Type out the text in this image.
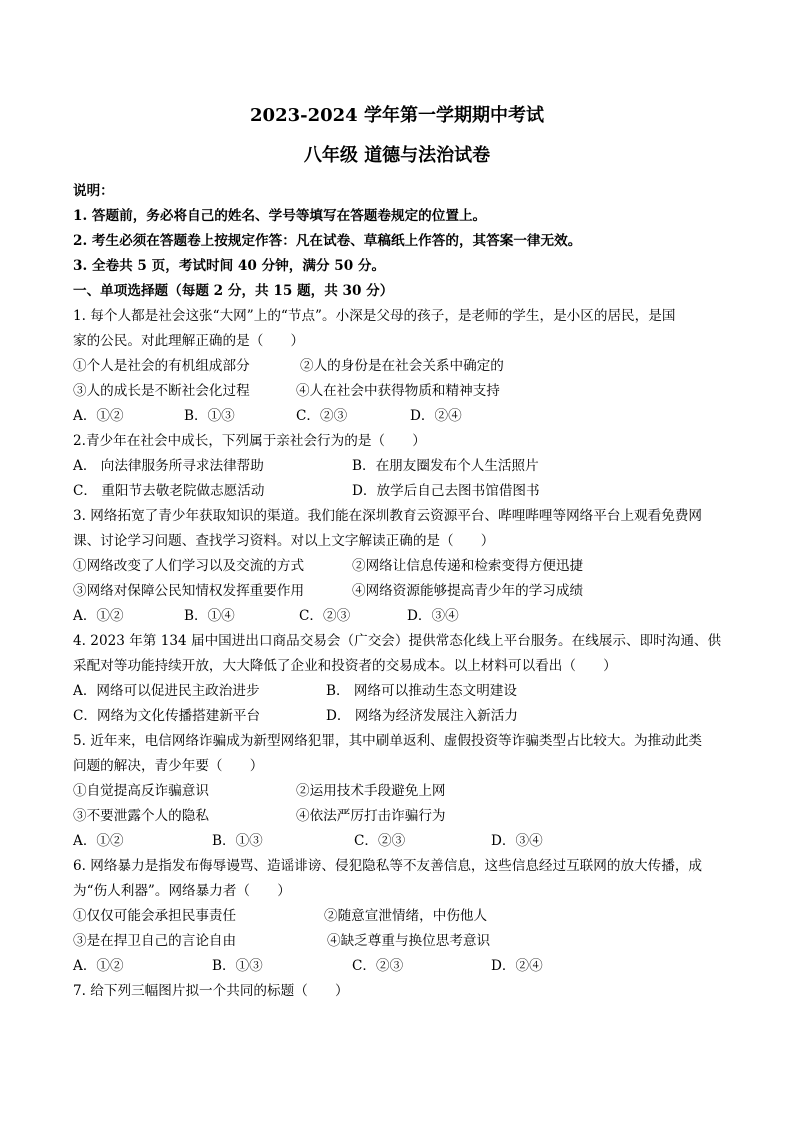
2023-2024 学年第一学期期中考试
八年级 道德与法治试卷
说明：
1. 答题前，务必将自己的姓名、学号等填写在答题卷规定的位置上。
2. 考生必须在答题卷上按规定作答：凡在试卷、草稿纸上作答的，其答案一律无效。
3. 全卷共 5 页，考试时间 40 分钟，满分 50 分。
一、单项选择题（每题 2 分，共 15 题，共 30 分）
1. 每个人都是社会这张“大网”上的“节点”。小深是父母的孩子，是老师的学生，是小区的居民，是国
家的公民。对此理解正确的是（　　）
①个人是社会的有机组成部分	②人的身份是在社会关系中确定的
③人的成长是不断社会化过程	④人在社会中获得物质和精神支持
A．①②	B．①③	C．②③	D．②④
2.青少年在社会中成长，下列属于亲社会行为的是（　　）
A． 向法律服务所寻求法律帮助	B．在朋友圈发布个人生活照片
C． 重阳节去敬老院做志愿活动	D．放学后自己去图书馆借图书
3. 网络拓宽了青少年获取知识的渠道。我们能在深圳教育云资源平台、哔哩哔哩等网络平台上观看免费网
课、讨论学习问题、查找学习资料。对以上文字解读正确的是（　　）
①网络改变了人们学习以及交流的方式	②网络让信息传递和检索变得方便迅捷
③网络对保障公民知情权发挥重要作用	④网络资源能够提高青少年的学习成绩
A．①②	B．①④	C．②③	D．③④
4. 2023 年第 134 届中国进出口商品交易会（广交会）提供常态化线上平台服务。在线展示、即时沟通、供
采配对等功能持续开放，大大降低了企业和投资者的交易成本。以上材料可以看出（　　）
A．网络可以促进民主政治进步	B． 网络可以推动生态文明建设
C．网络为文化传播搭建新平台	D． 网络为经济发展注入新活力
5. 近年来，电信网络诈骗成为新型网络犯罪，其中刷单返利、虚假投资等诈骗类型占比较大。为推动此类
问题的解决，青少年要（　　）
①自觉提高反诈骗意识	②运用技术手段避免上网
③不要泄露个人的隐私	④依法严厉打击诈骗行为
A．①②	B．①③	C．②③	D．③④
6. 网络暴力是指发布侮辱谩骂、造谣诽谤、侵犯隐私等不友善信息，这些信息经过互联网的放大传播，成
为“伤人利器”。网络暴力者（　　）
①仅仅可能会承担民事责任	②随意宣泄情绪，中伤他人
③是在捍卫自己的言论自由	④缺乏尊重与换位思考意识
A．①②	B．①③	C．②③	D．②④
7. 给下列三幅图片拟一个共同的标题（　　）
